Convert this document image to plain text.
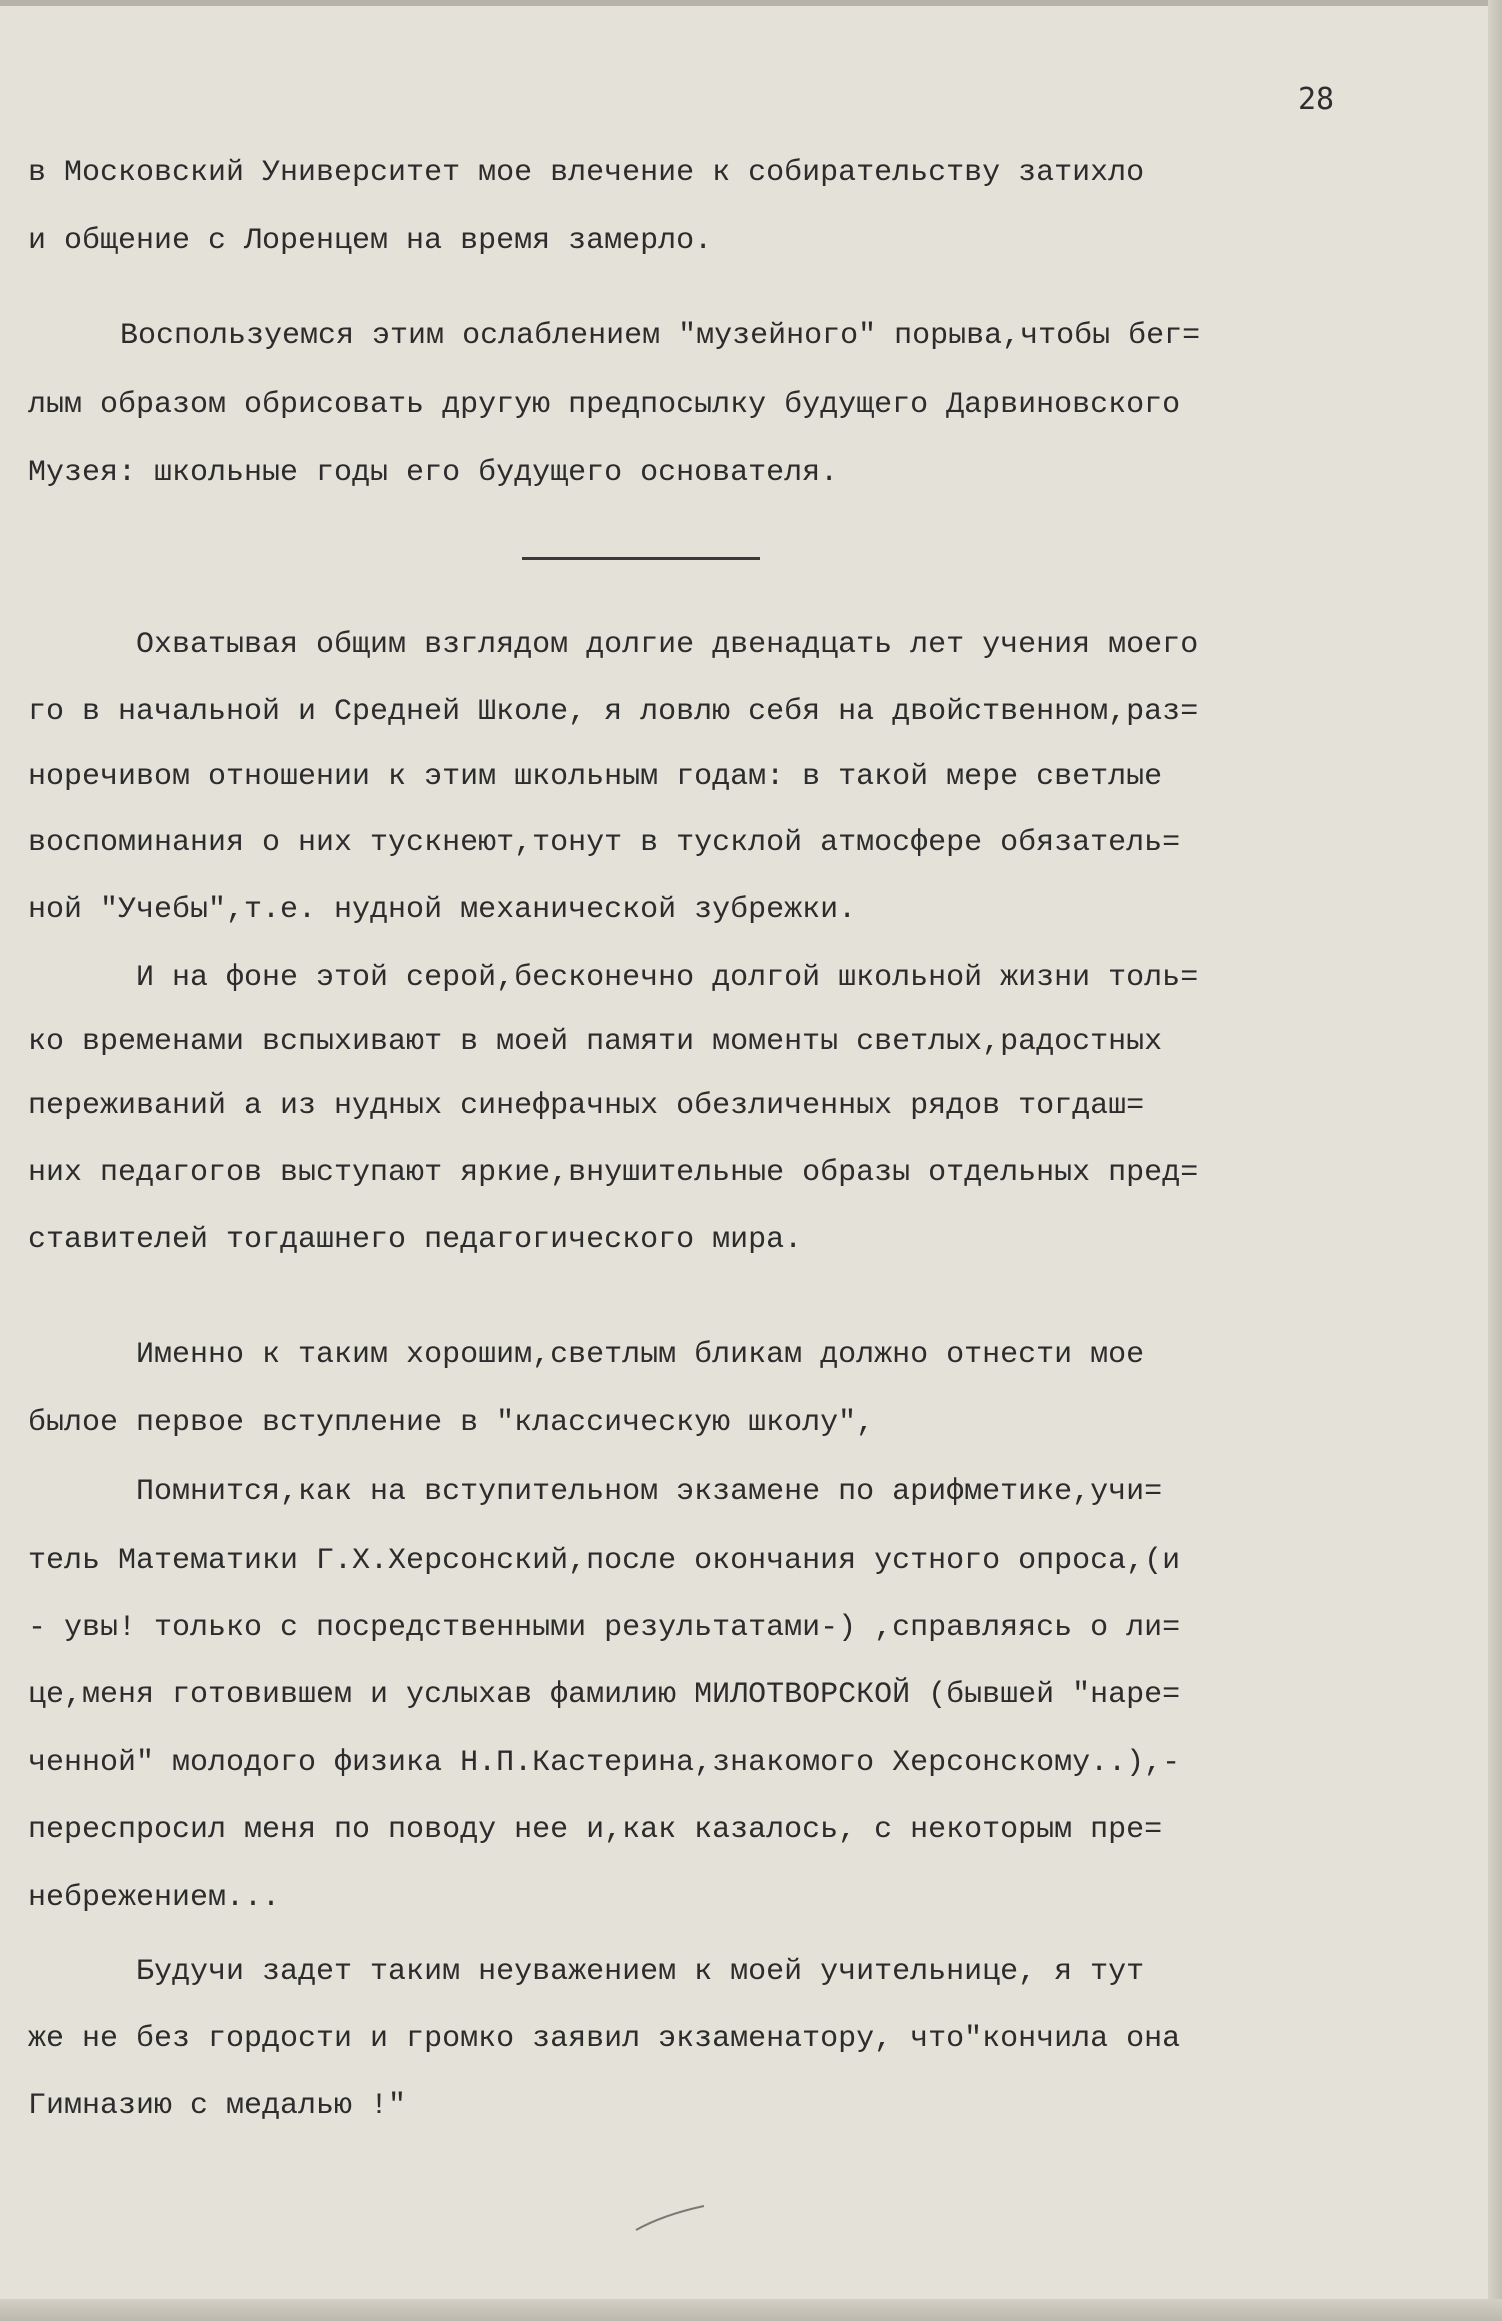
28

в Московский Университет мое влечение к собирательству затихло

и общение с Лоренцем на время замерло.

Воспользуемся этим ослаблением "музейного" порыва,чтобы бег=

лым образом обрисовать другую предпосылку будущего Дарвиновского

Музея: школьные годы его будущего основателя.

Охватывая общим взглядом долгие двенадцать лет учения моего

го в начальной и Средней Школе, я ловлю себя на двойственном,раз=

норечивом отношении к этим школьным годам: в такой мере светлые

воспоминания о них тускнеют,тонут в тусклой атмосфере обязатель=

ной "Учебы",т.е. нудной механической зубрежки.

И на фоне этой серой,бесконечно долгой школьной жизни толь=

ко временами вспыхивают в моей памяти моменты светлых,радостных

переживаний а из нудных синефрачных обезличенных рядов тогдаш=

них педагогов выступают яркие,внушительные образы отдельных пред=

ставителей тогдашнего педагогического мира.

Именно к таким хорошим,светлым бликам должно отнести мое

былое первое вступление в "классическую школу",

Помнится,как на вступительном экзамене по арифметике,учи=

тель Математики Г.Х.Херсонский,после окончания устного опроса,(и

- увы! только с посредственными результатами-) ,справляясь о ли=

це,меня готовившем и услыхав фамилию МИЛОТВОРСКОЙ (бывшей "наре=

ченной" молодого физика Н.П.Кастерина,знакомого Херсонскому..),-

переспросил меня по поводу нее и,как казалось, с некоторым пре=

небрежением...

Будучи задет таким неуважением к моей учительнице, я тут

же не без гордости и громко заявил экзаменатору, что"кончила она

Гимназию с медалью !"
